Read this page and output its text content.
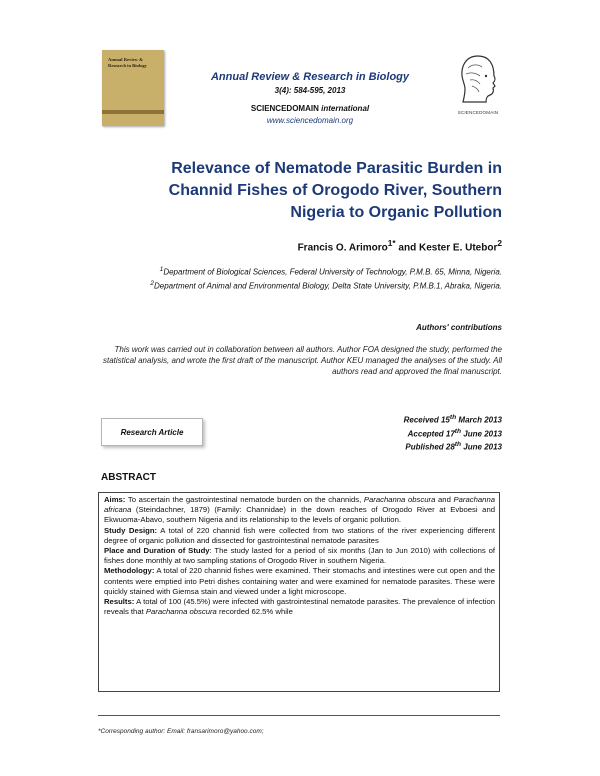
Annual Review & Research in Biology
Annual Review & Research in Biology
3(4): 584-595, 2013
SCIENCEDOMAIN international
www.sciencedomain.org
SCIENCEDOMAIN
Relevance of Nematode Parasitic Burden in Channid Fishes of Orogodo River, Southern Nigeria to Organic Pollution
Francis O. Arimoro$^{1*}$ and Kester E. Utebor$^2$
$^1$Department of Biological Sciences, Federal University of Technology, P.M.B. 65, Minna, Nigeria.
$^2$Department of Animal and Environmental Biology, Delta State University, P.M.B.1, Abraka, Nigeria.
Authors' contributions
This work was carried out in collaboration between all authors. Author FOA designed the study, performed the statistical analysis, and wrote the first draft of the manuscript. Author KEU managed the analyses of the study. All authors read and approved the final manuscript.
Research Article
Received 15th March 2013
Accepted 17th June 2013
Published 28th June 2013
ABSTRACT

Aims: To ascertain the gastrointestinal nematode burden on the channids, Parachanna obscura and Parachanna africana (Steindachner, 1879) (Family: Channidae) in the down reaches of Orogodo River at Evboesi and Ekwuoma-Abavo, southern Nigeria and its relationship to the levels of organic pollution.

Study Design: A total of 220 channid fish were collected from two stations of the river experiencing different degree of organic pollution and dissected for gastrointestinal nematode parasites

Place and Duration of Study: The study lasted for a period of six months (Jan to Jun 2010) with collections of fishes done monthly at two sampling stations of Orogodo River in southern Nigeria.

Methodology: A total of 220 channid fishes were examined. Their stomachs and intestines were cut open and the contents were emptied into Petri dishes containing water and were examined for nematode parasites. These were quickly stained with Giemsa stain and viewed under a light microscope.

Results: A total of 100 (45.5%) were infected with gastrointestinal nematode parasites. The prevalence of infection reveals that Parachanna obscura recorded 62.5% while

*Corresponding author: Email: fransarimoro@yahoo.com;
